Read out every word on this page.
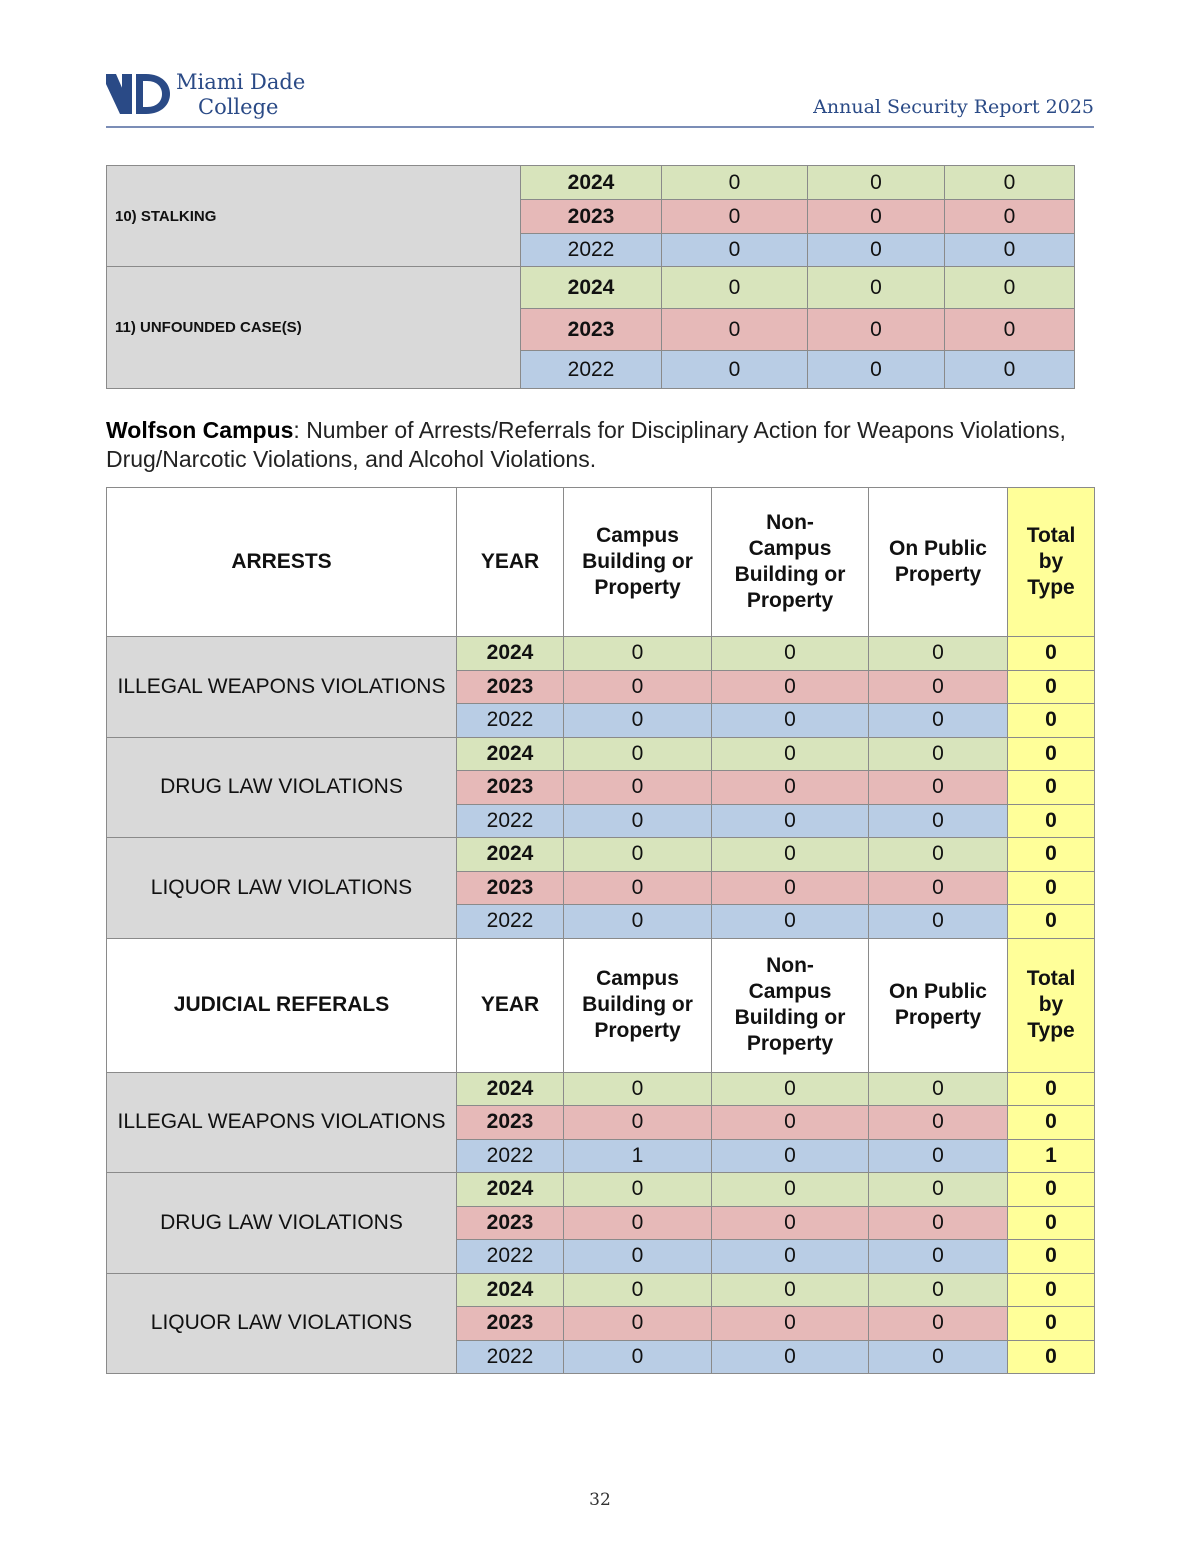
Miami Dade
College	Annual Security Report 2025
10) STALKING	2024	0	0	0
	2023	0	0	0
	2022	0	0	0
11) UNFOUNDED CASE(S)	2024	0	0	0
	2023	0	0	0
	2022	0	0	0
Wolfson Campus: Number of Arrests/Referrals for Disciplinary Action for Weapons Violations, Drug/Narcotic Violations, and Alcohol Violations.
ARRESTS	YEAR	Campus Building or Property	Non-Campus Building or Property	On Public Property	Total by Type
ILLEGAL WEAPONS VIOLATIONS	2024	0	0	0	0
	2023	0	0	0	0
	2022	0	0	0	0
DRUG LAW VIOLATIONS	2024	0	0	0	0
	2023	0	0	0	0
	2022	0	0	0	0
LIQUOR LAW VIOLATIONS	2024	0	0	0	0
	2023	0	0	0	0
	2022	0	0	0	0
JUDICIAL REFERALS	YEAR	Campus Building or Property	Non-Campus Building or Property	On Public Property	Total by Type
ILLEGAL WEAPONS VIOLATIONS	2024	0	0	0	0
	2023	0	0	0	0
	2022	1	0	0	1
DRUG LAW VIOLATIONS	2024	0	0	0	0
	2023	0	0	0	0
	2022	0	0	0	0
LIQUOR LAW VIOLATIONS	2024	0	0	0	0
	2023	0	0	0	0
	2022	0	0	0	0
32
